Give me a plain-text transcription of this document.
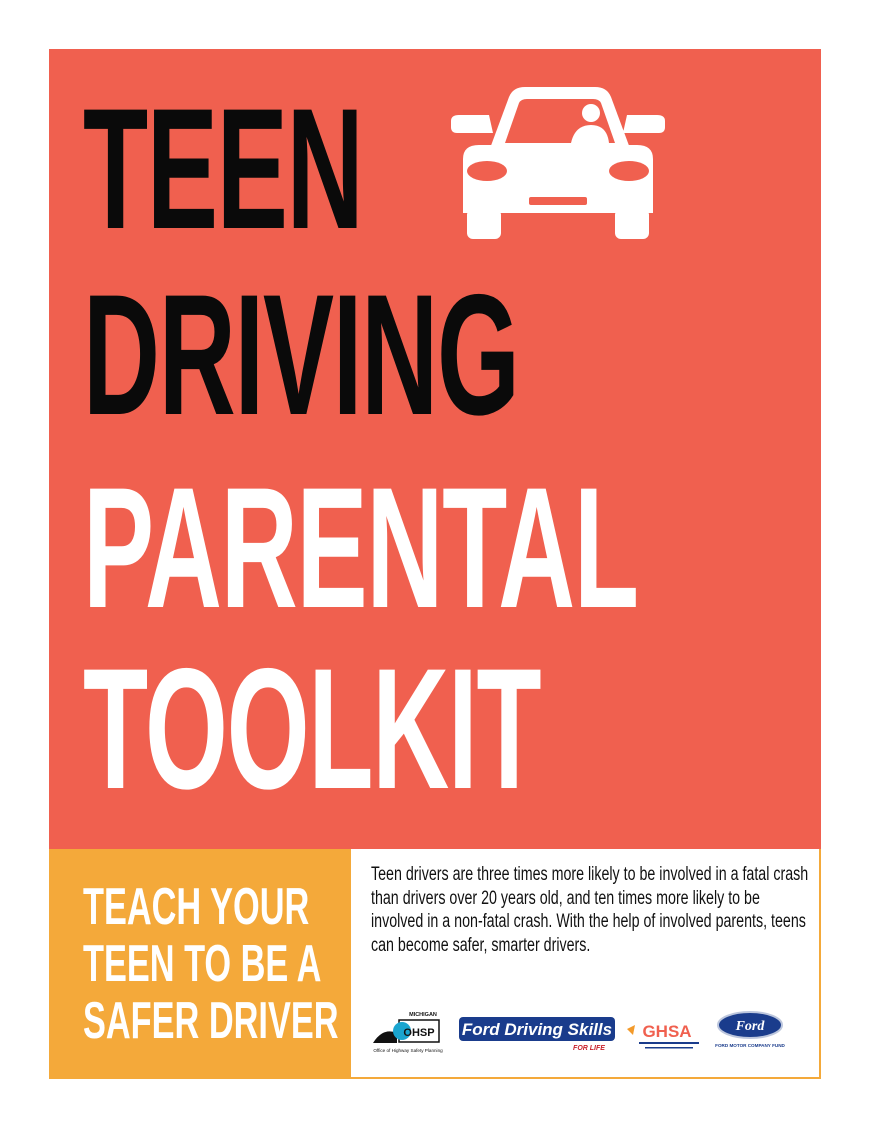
TEEN
DRIVING
PARENTAL
TOOLKIT
TEACH YOUR
TEEN TO BE A
SAFER DRIVER

Teen drivers are three times more likely to be involved in a fatal crash than drivers over 20 years old, and ten times more likely to be involved in a non-fatal crash. With the help of involved parents, teens can become safer, smarter drivers.

MICHIGAN
OHSP
Office of Highway Safety Planning
Ford Driving Skills
FOR LIFE
GHSA	Ford
FORD MOTOR COMPANY FUND
